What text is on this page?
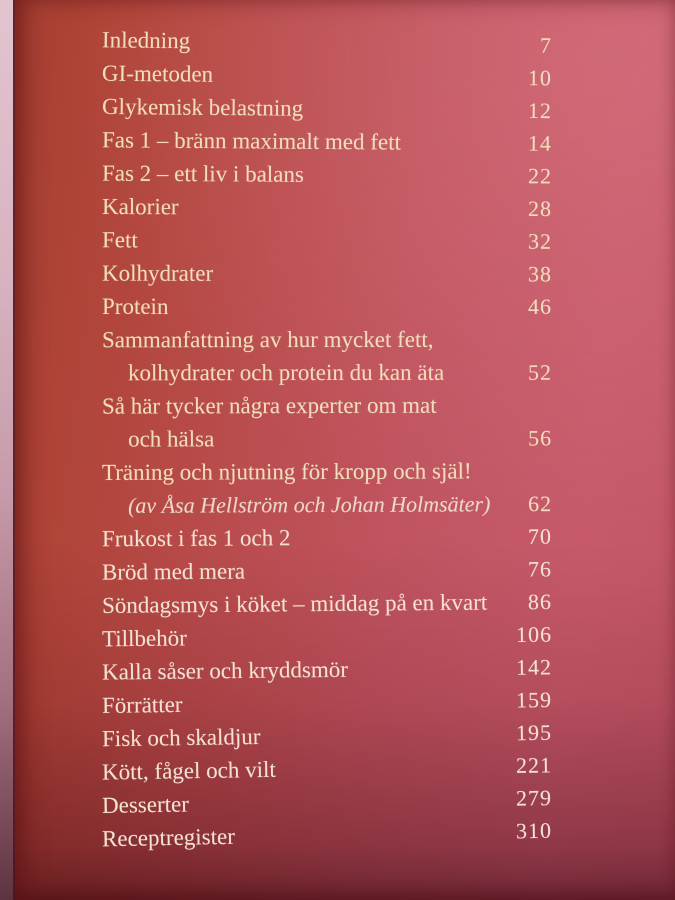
Inledning	7
GI-metoden	10
Glykemisk belastning	12
Fas 1 – bränn maximalt med fett	14
Fas 2 – ett liv i balans	22
Kalorier	28
Fett	32
Kolhydrater	38
Protein	46
Sammanfattning av hur mycket fett,
kolhydrater och protein du kan äta	52
Så här tycker några experter om mat
och hälsa	56
Träning och njutning för kropp och själ!
(av Åsa Hellström och Johan Holmsäter)	62
Frukost i fas 1 och 2	70
Bröd med mera	76
Söndagsmys i köket – middag på en kvart	86
Tillbehör	106
Kalla såser och kryddsmör	142
Förrätter	159
Fisk och skaldjur	195
Kött, fågel och vilt	221
Desserter	279
Receptregister	310
